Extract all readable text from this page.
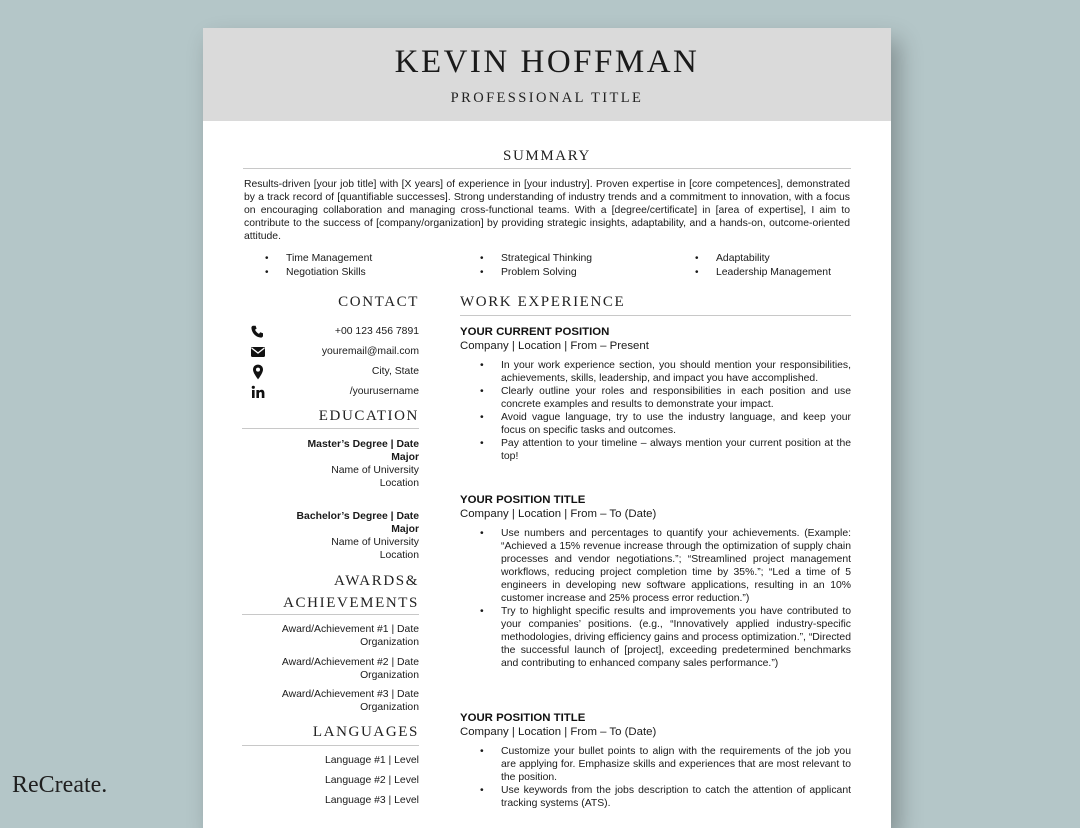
KEVIN HOFFMAN
PROFESSIONAL TITLE
SUMMARY
Results-driven [your job title] with [X years] of experience in [your industry]. Proven expertise in [core competences], demonstrated by a track record of [quantifiable successes]. Strong understanding of industry trends and a commitment to innovation, with a focus on encouraging collaboration and managing cross-functional teams. With a [degree/certificate] in [area of expertise], I aim to contribute to the success of [company/organization] by providing strategic insights, adaptability, and a hands-on, outcome-oriented attitude.
• Time Management
• Negotiation Skills
• Strategical Thinking
• Problem Solving
• Adaptability
• Leadership Management
CONTACT
+00 123 456 7891
youremail@mail.com
City, State
/yourusername
EDUCATION
Master’s Degree | Date
Major
Name of University
Location
Bachelor’s Degree | Date
Major
Name of University
Location
AWARDS&
ACHIEVEMENTS
Award/Achievement #1 | Date
Organization
Award/Achievement #2 | Date
Organization
Award/Achievement #3 | Date
Organization
LANGUAGES
Language #1 | Level
Language #2 | Level
Language #3 | Level
WORK EXPERIENCE
YOUR CURRENT POSITION
Company | Location | From – Present
• In your work experience section, you should mention your responsibilities, achievements, skills, leadership, and impact you have accomplished.
• Clearly outline your roles and responsibilities in each position and use concrete examples and results to demonstrate your impact.
• Avoid vague language, try to use the industry language, and keep your focus on specific tasks and outcomes.
• Pay attention to your timeline – always mention your current position at the top!
YOUR POSITION TITLE
Company | Location | From – To (Date)
• Use numbers and percentages to quantify your achievements. (Example: “Achieved a 15% revenue increase through the optimization of supply chain processes and vendor negotiations.”; “Streamlined project management workflows, reducing project completion time by 35%.”; “Led a time of 5 engineers in developing new software applications, resulting in an 10% customer increase and 25% process error reduction.”)
• Try to highlight specific results and improvements you have contributed to your companies’ positions. (e.g., “Innovatively applied industry-specific methodologies, driving efficiency gains and process optimization.”, “Directed the successful launch of [project], exceeding predetermined benchmarks and contributing to enhanced company sales performance.”)
YOUR POSITION TITLE
Company | Location | From – To (Date)
• Customize your bullet points to align with the requirements of the job you are applying for. Emphasize skills and experiences that are most relevant to the position.
• Use keywords from the jobs description to catch the attention of applicant tracking systems (ATS).
ReCreate.
